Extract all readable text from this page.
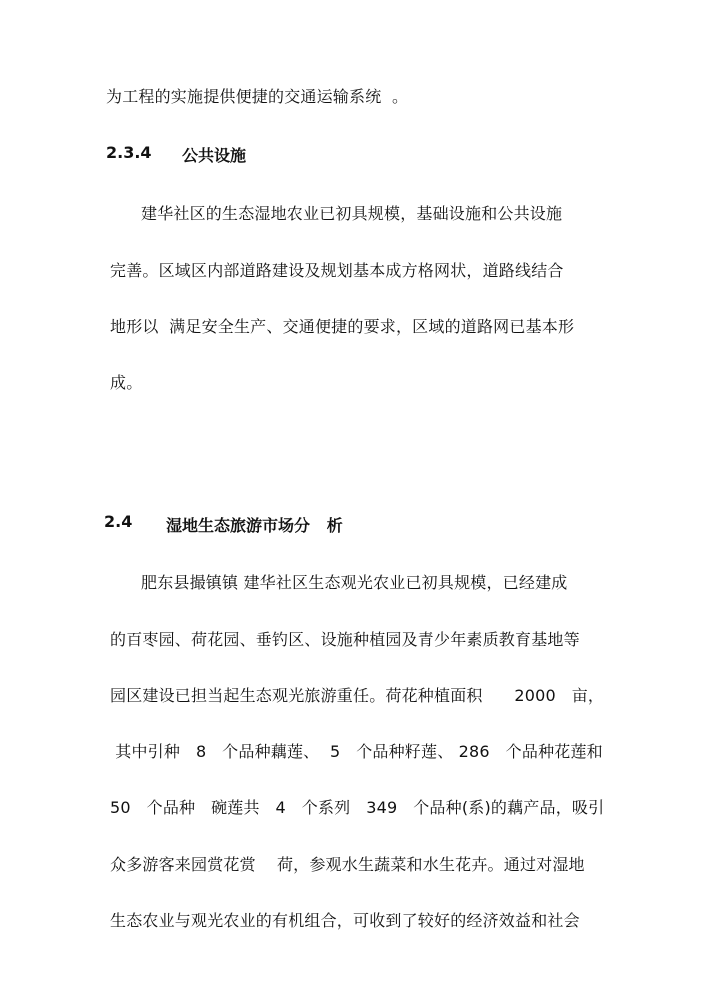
为工程的实施提供便捷的交通运输系统  。
2.3.4 公共设施
建华社区的生态湿地农业已初具规模，基础设施和公共设施
完善。区域区内部道路建设及规划基本成方格网状，道路线结合
地形以  满足安全生产、交通便捷的要求，区域的道路网已基本形
成。
2.4 湿地生态旅游市场分   析
肥东县撮镇镇 建华社区生态观光农业已初具规模，已经建成
的百枣园、荷花园、垂钓区、设施种植园及青少年素质教育基地等
园区建设已担当起生态观光旅游重任。荷花种植面积      2000   亩，
其中引种   8   个品种藕莲、  5   个品种籽莲、 286   个品种花莲和
50   个品种   碗莲共   4   个系列   349   个品种(系)的藕产品，吸引
众多游客来园赏花赏    荷，参观水生蔬菜和水生花卉。通过对湿地
生态农业与观光农业的有机组合，可收到了较好的经济效益和社会
